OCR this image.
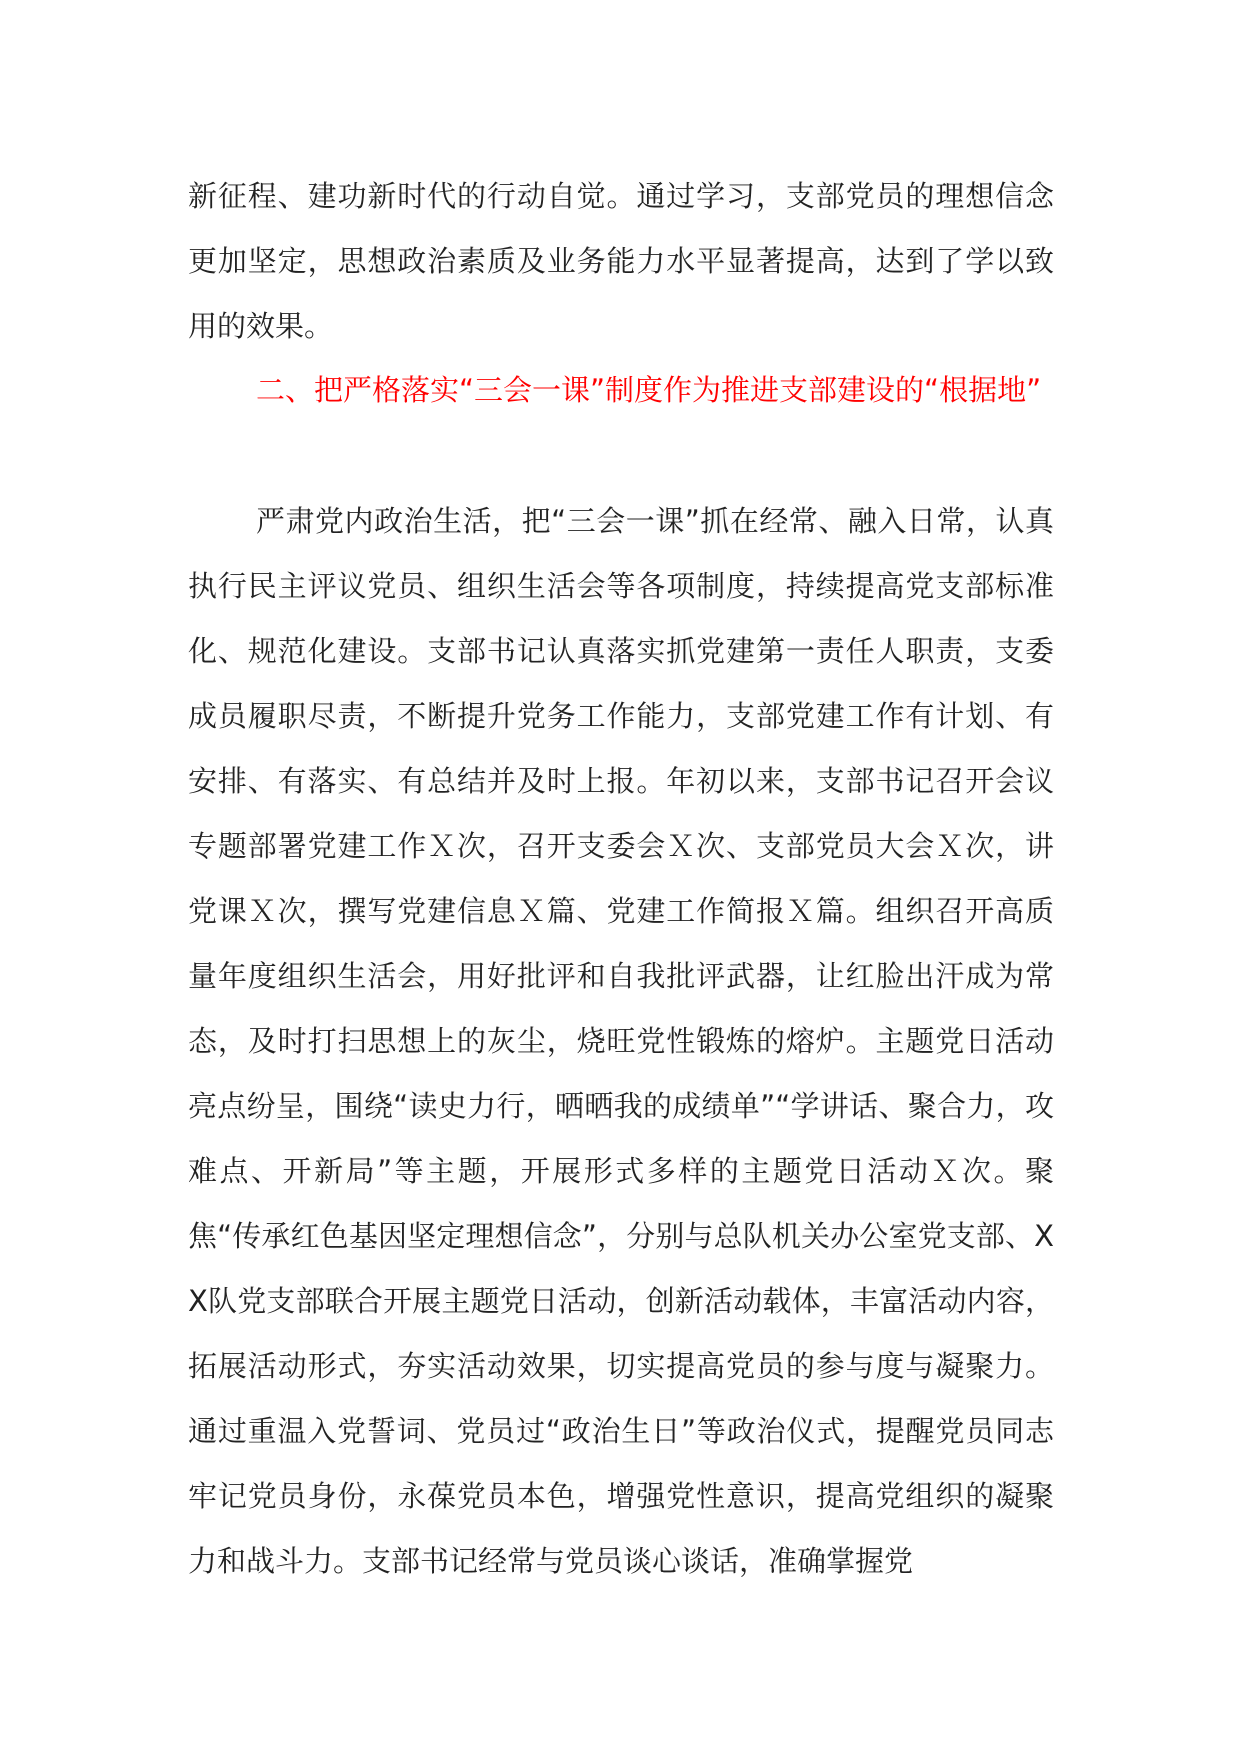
新征程、建功新时代的行动自觉。通过学习，支部党员的理想信念更加坚定，思想政治素质及业务能力水平显著提高，达到了学以致用的效果。

二、把严格落实“三会一课”制度作为推进支部建设的“根据地”

严肃党内政治生活，把“三会一课”抓在经常、融入日常，认真执行民主评议党员、组织生活会等各项制度，持续提高党支部标准化、规范化建设。支部书记认真落实抓党建第一责任人职责，支委成员履职尽责，不断提升党务工作能力，支部党建工作有计划、有安排、有落实、有总结并及时上报。年初以来，支部书记召开会议专题部署党建工作Ｘ次，召开支委会Ｘ次、支部党员大会Ｘ次，讲党课Ｘ次，撰写党建信息Ｘ篇、党建工作简报Ｘ篇。组织召开高质量年度组织生活会，用好批评和自我批评武器，让红脸出汗成为常态，及时打扫思想上的灰尘，烧旺党性锻炼的熔炉。主题党日活动亮点纷呈，围绕“读史力行，晒晒我的成绩单”“学讲话、聚合力，攻难点、开新局”等主题，开展形式多样的主题党日活动Ｘ次。聚焦“传承红色基因坚定理想信念”，分别与总队机关办公室党支部、XX队党支部联合开展主题党日活动，创新活动载体，丰富活动内容，拓展活动形式，夯实活动效果，切实提高党员的参与度与凝聚力。通过重温入党誓词、党员过“政治生日”等政治仪式，提醒党员同志牢记党员身份，永葆党员本色，增强党性意识，提高党组织的凝聚力和战斗力。支部书记经常与党员谈心谈话，准确掌握党
